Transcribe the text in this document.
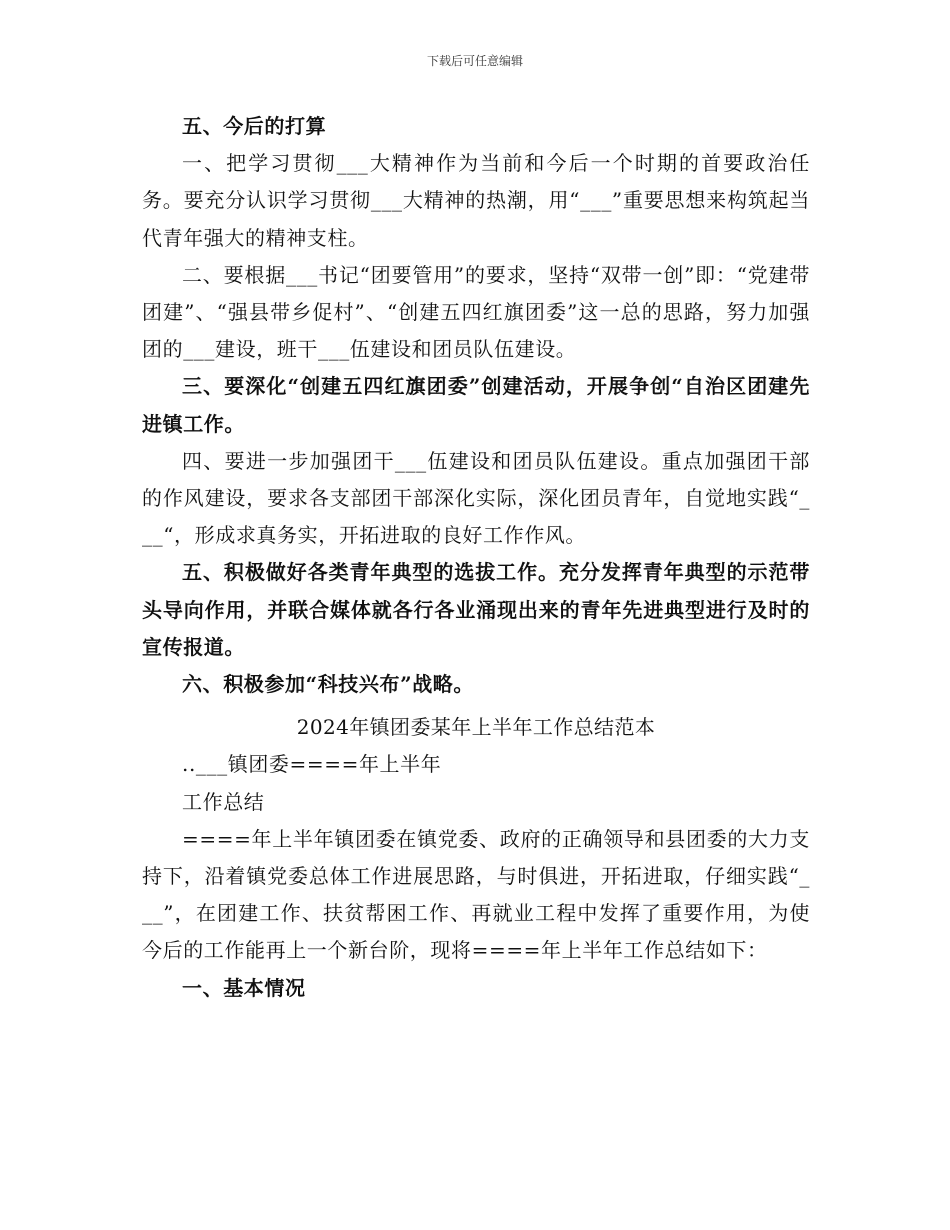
下载后可任意编辑

五、今后的打算

一、把学习贯彻___大精神作为当前和今后一个时期的首要政治任务。要充分认识学习贯彻___大精神的热潮，用“___”重要思想来构筑起当代青年强大的精神支柱。

二、要根据___书记“团要管用”的要求，坚持“双带一创”即：“党建带团建”、“强县带乡促村”、“创建五四红旗团委”这一总的思路，努力加强团的___建设，班干___伍建设和团员队伍建设。

三、要深化“创建五四红旗团委”创建活动，开展争创“自治区团建先进镇工作。

四、要进一步加强团干___伍建设和团员队伍建设。重点加强团干部的作风建设，要求各支部团干部深化实际，深化团员青年，自觉地实践“___“，形成求真务实，开拓进取的良好工作作风。

五、积极做好各类青年典型的选拔工作。充分发挥青年典型的示范带头导向作用，并联合媒体就各行各业涌现出来的青年先进典型进行及时的宣传报道。

六、积极参加“科技兴布”战略。

2024年镇团委某年上半年工作总结范本

..___镇团委====年上半年

工作总结

====年上半年镇团委在镇党委、政府的正确领导和县团委的大力支持下，沿着镇党委总体工作进展思路，与时俱进，开拓进取，仔细实践“___”，在团建工作、扶贫帮困工作、再就业工程中发挥了重要作用，为使今后的工作能再上一个新台阶，现将====年上半年工作总结如下：

一、基本情况
